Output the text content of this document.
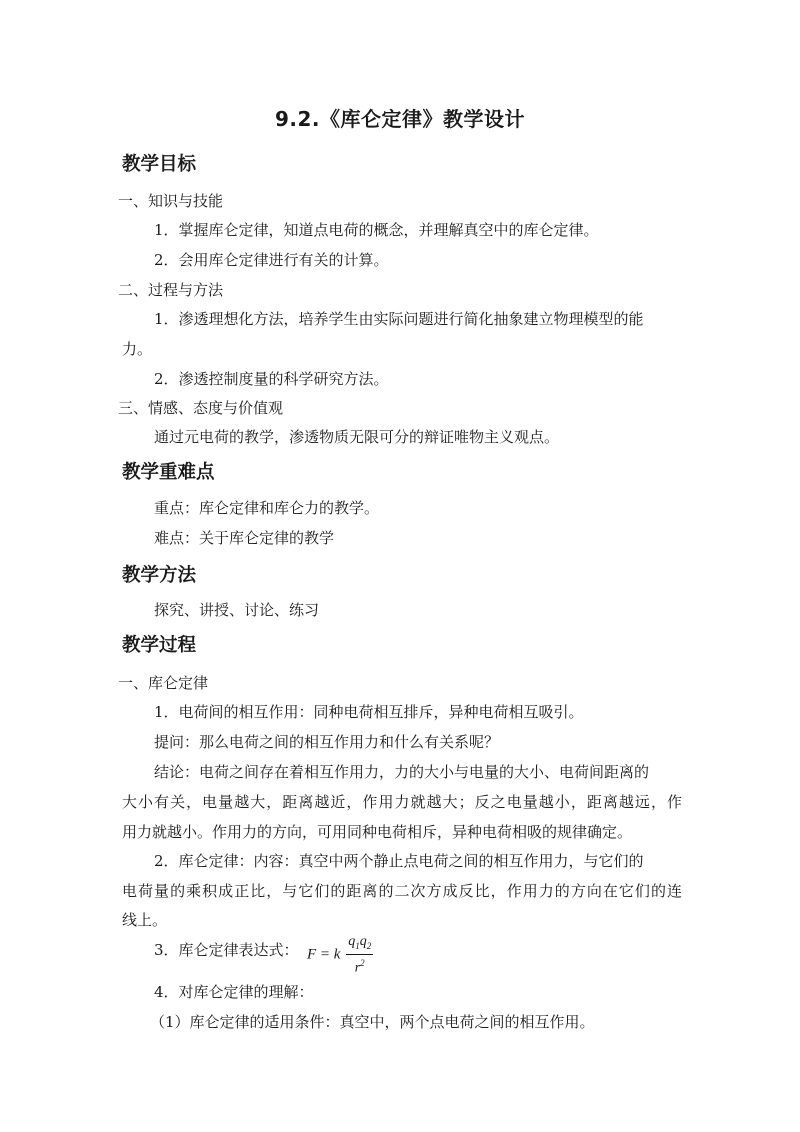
9.2.《库仑定律》教学设计
教学目标
一、知识与技能
1．掌握库仑定律，知道点电荷的概念，并理解真空中的库仑定律。
2．会用库仑定律进行有关的计算。
二、过程与方法
1．渗透理想化方法，培养学生由实际问题进行简化抽象建立物理模型的能
力。
2．渗透控制度量的科学研究方法。
三、情感、态度与价值观
通过元电荷的教学，渗透物质无限可分的辩证唯物主义观点。
教学重难点
重点：库仑定律和库仑力的教学。
难点：关于库仑定律的教学
教学方法
探究、讲授、讨论、练习
教学过程
一、库仑定律
1．电荷间的相互作用：同种电荷相互排斥，异种电荷相互吸引。
提问：那么电荷之间的相互作用力和什么有关系呢？
结论：电荷之间存在着相互作用力，力的大小与电量的大小、电荷间距离的
大小有关，电量越大，距离越近，作用力就越大；反之电量越小，距离越远，作
用力就越小。作用力的方向，可用同种电荷相斥，异种电荷相吸的规律确定。
2．库仑定律：内容：真空中两个静止点电荷之间的相互作用力，与它们的
电荷量的乘积成正比，与它们的距离的二次方成反比，作用力的方向在它们的连
线上。
3．库仑定律表达式： F = k $\frac{q_1q_2}{r^2}$
4．对库仑定律的理解：
（1）库仑定律的适用条件：真空中，两个点电荷之间的相互作用。
